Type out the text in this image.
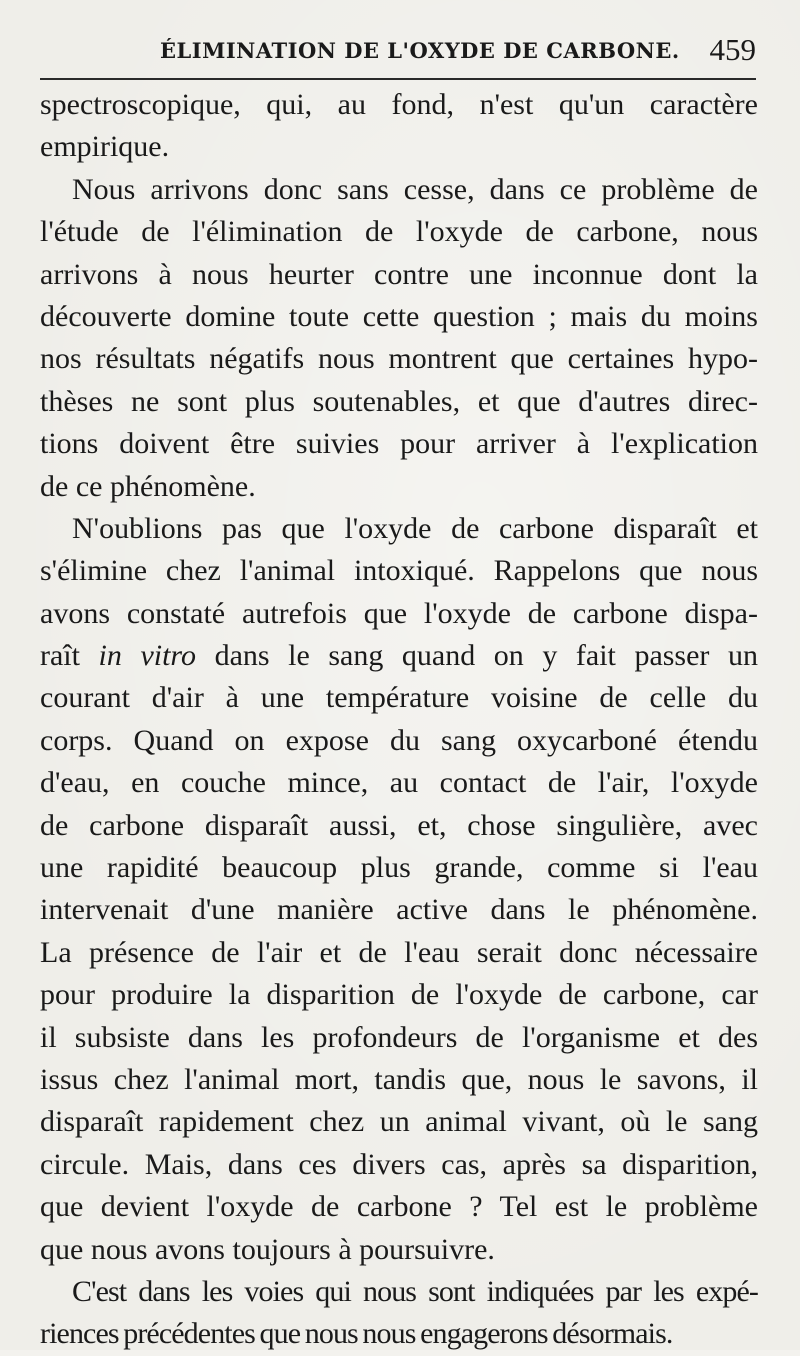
ÉLIMINATION DE L'OXYDE DE CARBONE. 459
spectroscopique, qui, au fond, n'est qu'un caractère
empirique.
Nous arrivons donc sans cesse, dans ce problème de
l'étude de l'élimination de l'oxyde de carbone, nous
arrivons à nous heurter contre une inconnue dont la
découverte domine toute cette question ; mais du moins
nos résultats négatifs nous montrent que certaines hypo-
thèses ne sont plus soutenables, et que d'autres direc-
tions doivent être suivies pour arriver à l'explication
de ce phénomène.
N'oublions pas que l'oxyde de carbone disparaît et
s'élimine chez l'animal intoxiqué. Rappelons que nous
avons constaté autrefois que l'oxyde de carbone dispa-
raît in vitro dans le sang quand on y fait passer un
courant d'air à une température voisine de celle du
corps. Quand on expose du sang oxycarboné étendu
d'eau, en couche mince, au contact de l'air, l'oxyde
de carbone disparaît aussi, et, chose singulière, avec
une rapidité beaucoup plus grande, comme si l'eau
intervenait d'une manière active dans le phénomène.
La présence de l'air et de l'eau serait donc nécessaire
pour produire la disparition de l'oxyde de carbone, car
il subsiste dans les profondeurs de l'organisme et des
issus chez l'animal mort, tandis que, nous le savons, il
disparaît rapidement chez un animal vivant, où le sang
circule. Mais, dans ces divers cas, après sa disparition,
que devient l'oxyde de carbone ? Tel est le problème
que nous avons toujours à poursuivre.
C'est dans les voies qui nous sont indiquées par les expé-
riences précédentes que nous nous engagerons désormais.
